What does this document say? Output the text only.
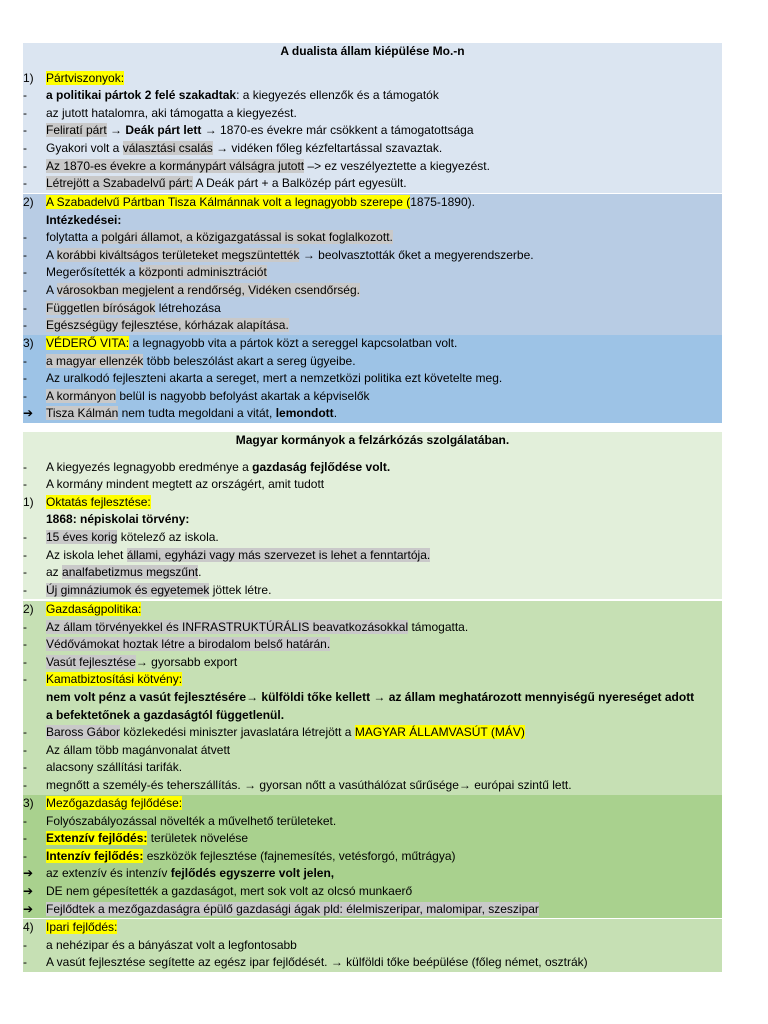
A dualista állam kiépülése Mo.-n
1)	Pártviszonyok:
-	a politikai pártok 2 felé szakadtak: a kiegyezés ellenzők és a támogatók
-	az jutott hatalomra, aki támogatta a kiegyezést.
-	Feliratí párt → Deák párt lett → 1870-es évekre már csökkent a támogatottsága
-	Gyakori volt a választási csalás → vidéken főleg kézfeltartással szavaztak.
-	Az 1870-es évekre a kormánypárt válságra jutott –> ez veszélyeztette a kiegyezést.
-	Létrejött a Szabadelvű párt: A Deák párt + a Balközép párt egyesült.
2)	A Szabadelvű Pártban Tisza Kálmánnak volt a legnagyobb szerepe (1875-1890).
Intézkedései:
-	folytatta a polgári államot, a közigazgatással is sokat foglalkozott.
-	A korábbi kiváltságos területeket megszüntették → beolvasztották őket a megyerendszerbe.
-	Megerősítették a központi adminisztrációt
-	A városokban megjelent a rendőrség, Vidéken csendőrség.
-	Független bíróságok létrehozása
-	Egészségügy fejlesztése, kórházak alapítása.
3)	VÉDERŐ VITA: a legnagyobb vita a pártok közt a sereggel kapcsolatban volt.
-	a magyar ellenzék több beleszólást akart a sereg ügyeibe.
-	Az uralkodó fejleszteni akarta a sereget, mert a nemzetközi politika ezt követelte meg.
-	A kormányon belül is nagyobb befolyást akartak a képviselők
➔	Tisza Kálmán nem tudta megoldani a vitát, lemondott.
Magyar kormányok a felzárkózás szolgálatában.
-	A kiegyezés legnagyobb eredménye a gazdaság fejlődése volt.
-	A kormány mindent megtett az országért, amit tudott
1)	Oktatás fejlesztése:
1868: népiskolai törvény:
-	15 éves korig kötelező az iskola.
-	Az iskola lehet állami, egyházi vagy más szervezet is lehet a fenntartója.
-	az analfabetizmus megszűnt.
-	Új gimnáziumok és egyetemek jöttek létre.
2)	Gazdaságpolitika:
-	Az állam törvényekkel és INFRASTRUKTÚRÁLIS beavatkozásokkal támogatta.
-	Védővámokat hoztak létre a birodalom belső határán.
-	Vasút fejlesztése→ gyorsabb export
-	Kamatbiztosítási kötvény:
nem volt pénz a vasút fejlesztésére→ külföldi tőke kellett → az állam meghatározott mennyiségű nyereséget adott
a befektetőnek a gazdaságtól függetlenül.
-	Baross Gábor közlekedési miniszter javaslatára létrejött a MAGYAR ÁLLAMVASÚT (MÁV)
-	Az állam több magánvonalat átvett
-	alacsony szállítási tarifák.
-	megnőtt a személy-és teherszállítás. → gyorsan nőtt a vasúthálózat sűrűsége→ európai szintű lett.
3)	Mezőgazdaság fejlődése:
-	Folyószabályozással növelték a művelhető területeket.
-	Extenzív fejlődés: területek növelése
-	Intenzív fejlődés: eszközök fejlesztése (fajnemesítés, vetésforgó, műtrágya)
➔	az extenzív és intenzív fejlődés egyszerre volt jelen,
➔	DE nem gépesítették a gazdaságot, mert sok volt az olcsó munkaerő
➔	Fejlődtek a mezőgazdaságra épülő gazdasági ágak pld: élelmiszeripar, malomipar, szeszipar
4)	Ipari fejlődés:
-	a nehézipar és a bányászat volt a legfontosabb
-	A vasút fejlesztése segítette az egész ipar fejlődését. → külföldi tőke beépülése (főleg német, osztrák)
